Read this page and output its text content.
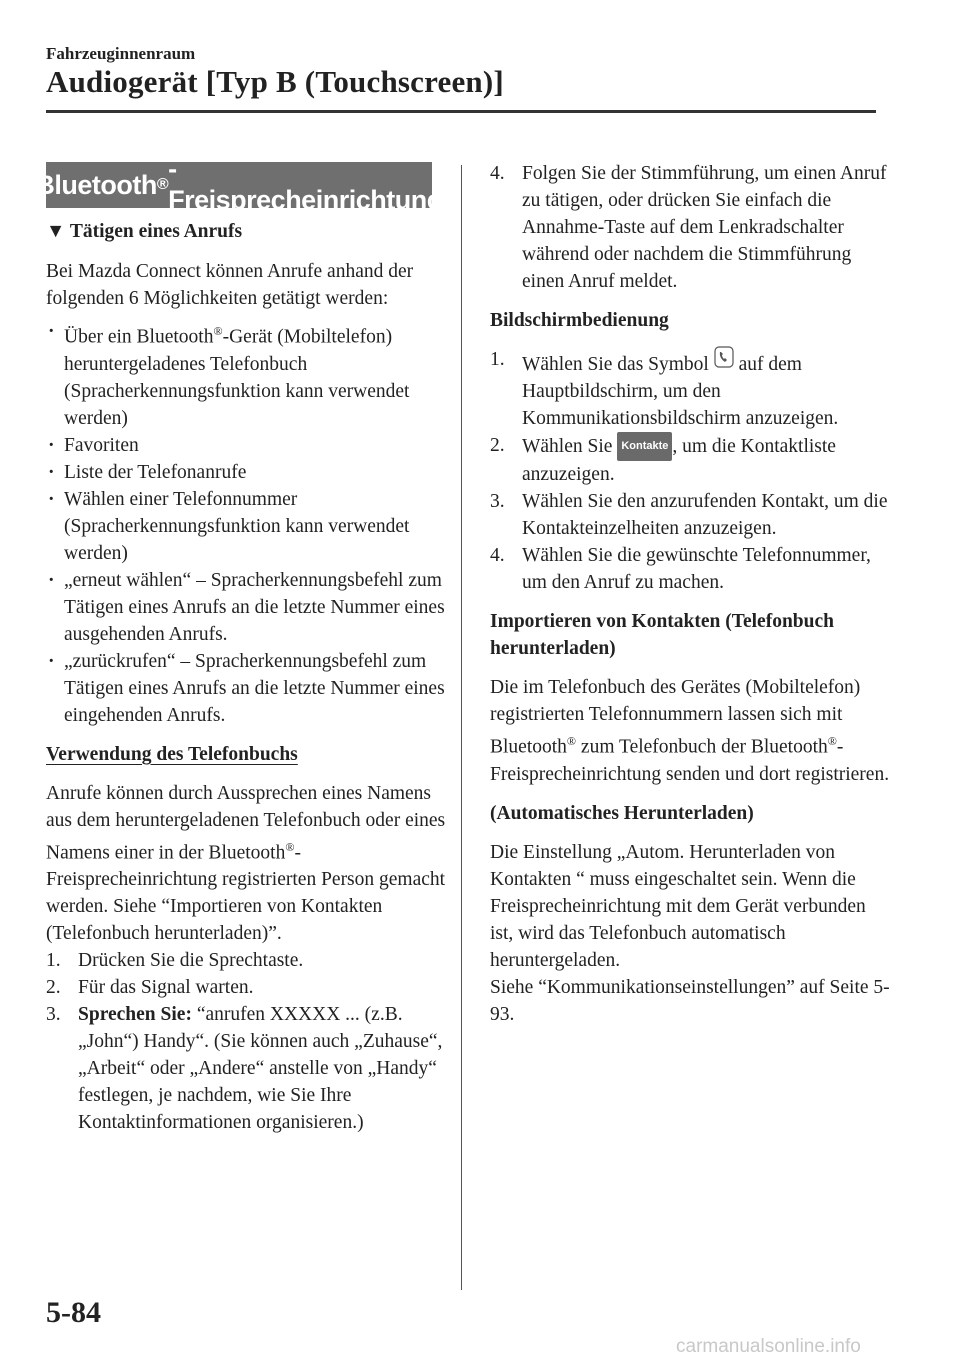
Fahrzeuginnenraum
Audiogerät [Typ B (Touchscreen)]
Bluetooth ®
-Freisprecheinrichtung

▼ Tätigen eines Anrufs

Bei Mazda Connect können Anrufe anhand der folgenden 6 Möglichkeiten getätigt werden:

· Über ein Bluetooth®-Gerät (Mobiltelefon) heruntergeladenes Telefonbuch (Spracherkennungsfunktion kann verwendet werden)
· Favoriten
· Liste der Telefonanrufe
· Wählen einer Telefonnummer (Spracherkennungsfunktion kann verwendet werden)
· „erneut wählen“ – Spracherkennungsbefehl zum Tätigen eines Anrufs an die letzte Nummer eines ausgehenden Anrufs.
· „zurückrufen“ – Spracherkennungsbefehl zum Tätigen eines Anrufs an die letzte Nummer eines eingehenden Anrufs.

Verwendung des Telefonbuchs

Anrufe können durch Aussprechen eines Namens aus dem heruntergeladenen Telefonbuch oder eines Namens einer in der Bluetooth®-Freisprecheinrichtung registrierten Person gemacht werden. Siehe “Importieren von Kontakten (Telefonbuch herunterladen)”.

1. Drücken Sie die Sprechtaste.
2. Für das Signal warten.
3. Sprechen Sie: “anrufen XXXXX ... (z.B. „John“) Handy“. (Sie können auch „Zuhause“, „Arbeit“ oder „Andere“ anstelle von „Handy“ festlegen, je nachdem, wie Sie Ihre Kontaktinformationen organisieren.)
4. Folgen Sie der Stimmführung, um einen Anruf zu tätigen, oder drücken Sie einfach die Annahme-Taste auf dem Lenkradschalter während oder nachdem die Stimmführung einen Anruf meldet.

Bildschirmbedienung

1. Wählen Sie das Symbol  auf dem Hauptbildschirm, um den Kommunikationsbildschirm anzuzeigen.
2. Wählen Sie Kontakte , um die Kontaktliste anzuzeigen.
3. Wählen Sie den anzurufenden Kontakt, um die Kontakteinzelheiten anzuzeigen.
4. Wählen Sie die gewünschte Telefonnummer, um den Anruf zu machen.

Importieren von Kontakten (Telefonbuch herunterladen)

Die im Telefonbuch des Gerätes (Mobiltelefon) registrierten Telefonnummern lassen sich mit Bluetooth® zum Telefonbuch der Bluetooth®-Freisprecheinrichtung senden und dort registrieren.

(Automatisches Herunterladen)

Die Einstellung „Autom. Herunterladen von Kontakten “ muss eingeschaltet sein. Wenn die Freisprecheinrichtung mit dem Gerät verbunden ist, wird das Telefonbuch automatisch heruntergeladen.

Siehe “Kommunikationseinstellungen” auf Seite 5-93.

5-84
carmanualsonline.info
